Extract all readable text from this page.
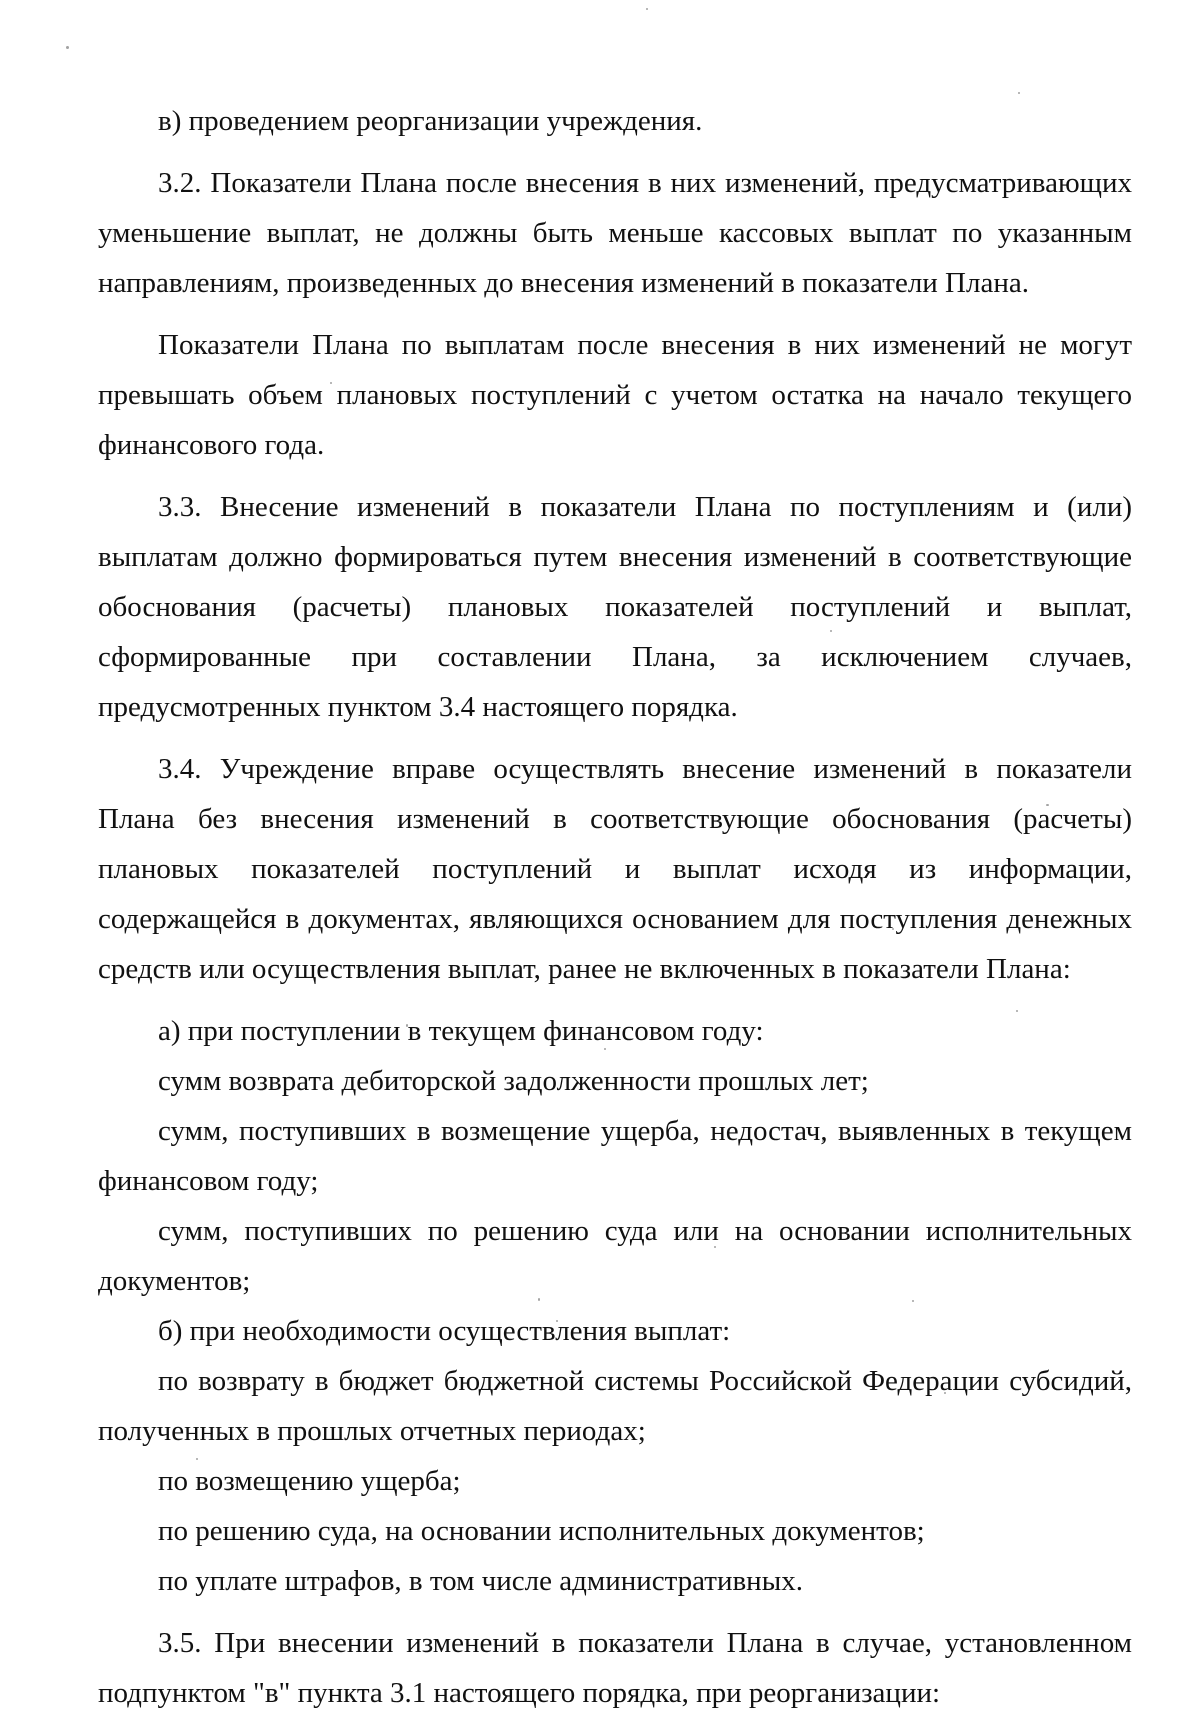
в) проведением реорганизации учреждения.

3.2. Показатели Плана после внесения в них изменений, предусматривающих уменьшение выплат, не должны быть меньше кассовых выплат по указанным направлениям, произведенных до внесения изменений в показатели Плана.

Показатели Плана по выплатам после внесения в них изменений не могут превышать объем плановых поступлений с учетом остатка на начало текущего финансового года.

3.3. Внесение изменений в показатели Плана по поступлениям и (или) выплатам должно формироваться путем внесения изменений в соответствующие обоснования (расчеты) плановых показателей поступлений и выплат, сформированные при составлении Плана, за исключением случаев, предусмотренных пунктом 3.4 настоящего порядка.

3.4. Учреждение вправе осуществлять внесение изменений в показатели Плана без внесения изменений в соответствующие обоснования (расчеты) плановых показателей поступлений и выплат исходя из информации, содержащейся в документах, являющихся основанием для поступления денежных средств или осуществления выплат, ранее не включенных в показатели Плана:

а) при поступлении в текущем финансовом году:

сумм возврата дебиторской задолженности прошлых лет;

сумм, поступивших в возмещение ущерба, недостач, выявленных в текущем финансовом году;

сумм, поступивших по решению суда или на основании исполнительных документов;

б) при необходимости осуществления выплат:

по возврату в бюджет бюджетной системы Российской Федерации субсидий, полученных в прошлых отчетных периодах;

по возмещению ущерба;

по решению суда, на основании исполнительных документов;

по уплате штрафов, в том числе административных.

3.5. При внесении изменений в показатели Плана в случае, установленном подпунктом "в" пункта 3.1 настоящего порядка, при реорганизации:
